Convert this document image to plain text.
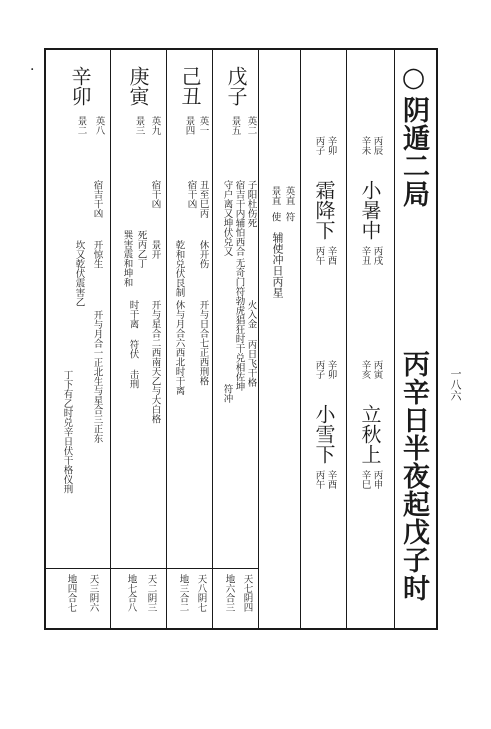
一八六
·	○
阴遁二局
丙辛日半夜起戊子时
丙辰
辛未
小暑中
丙戌
辛丑
丙寅
辛亥
立秋上
丙申
辛巳
辛卯
丙子
霜降下
辛酉
丙午
辛卯
丙子
小雪下
辛酉
丙午
英直
景直
符
使
辅使冲日丙星
戊子
英二
景五
子阳杜伤死
宿吉干内辅怕西合
守户离又坤伏兑又
火入金 丙日飞干格
无奇门符勃虎猖狂时干兑相佐坤
符冲
天七阴四
地六合三
己丑
英一
景四
丑至巳丙
宿干凶
乾和兑伏艮制 休开伤
开与日合七正西刑格
休与月合六西北时干离
天八阴七
地三合二
庚寅
英九
景三
宿干凶
死丙乙丁 景开
巽害震和坤和
开与星合二西南天乙与大白格
时干离 符伏 击刑
天二阴三
地七合八
辛卯
英八
景二
宿吉干凶
开惊生
坎又乾伏震害乙
开与月合一正北生与星合三正东
丁下有乙时兑辛日伏干格仪刑
天三阴六
地四合七
